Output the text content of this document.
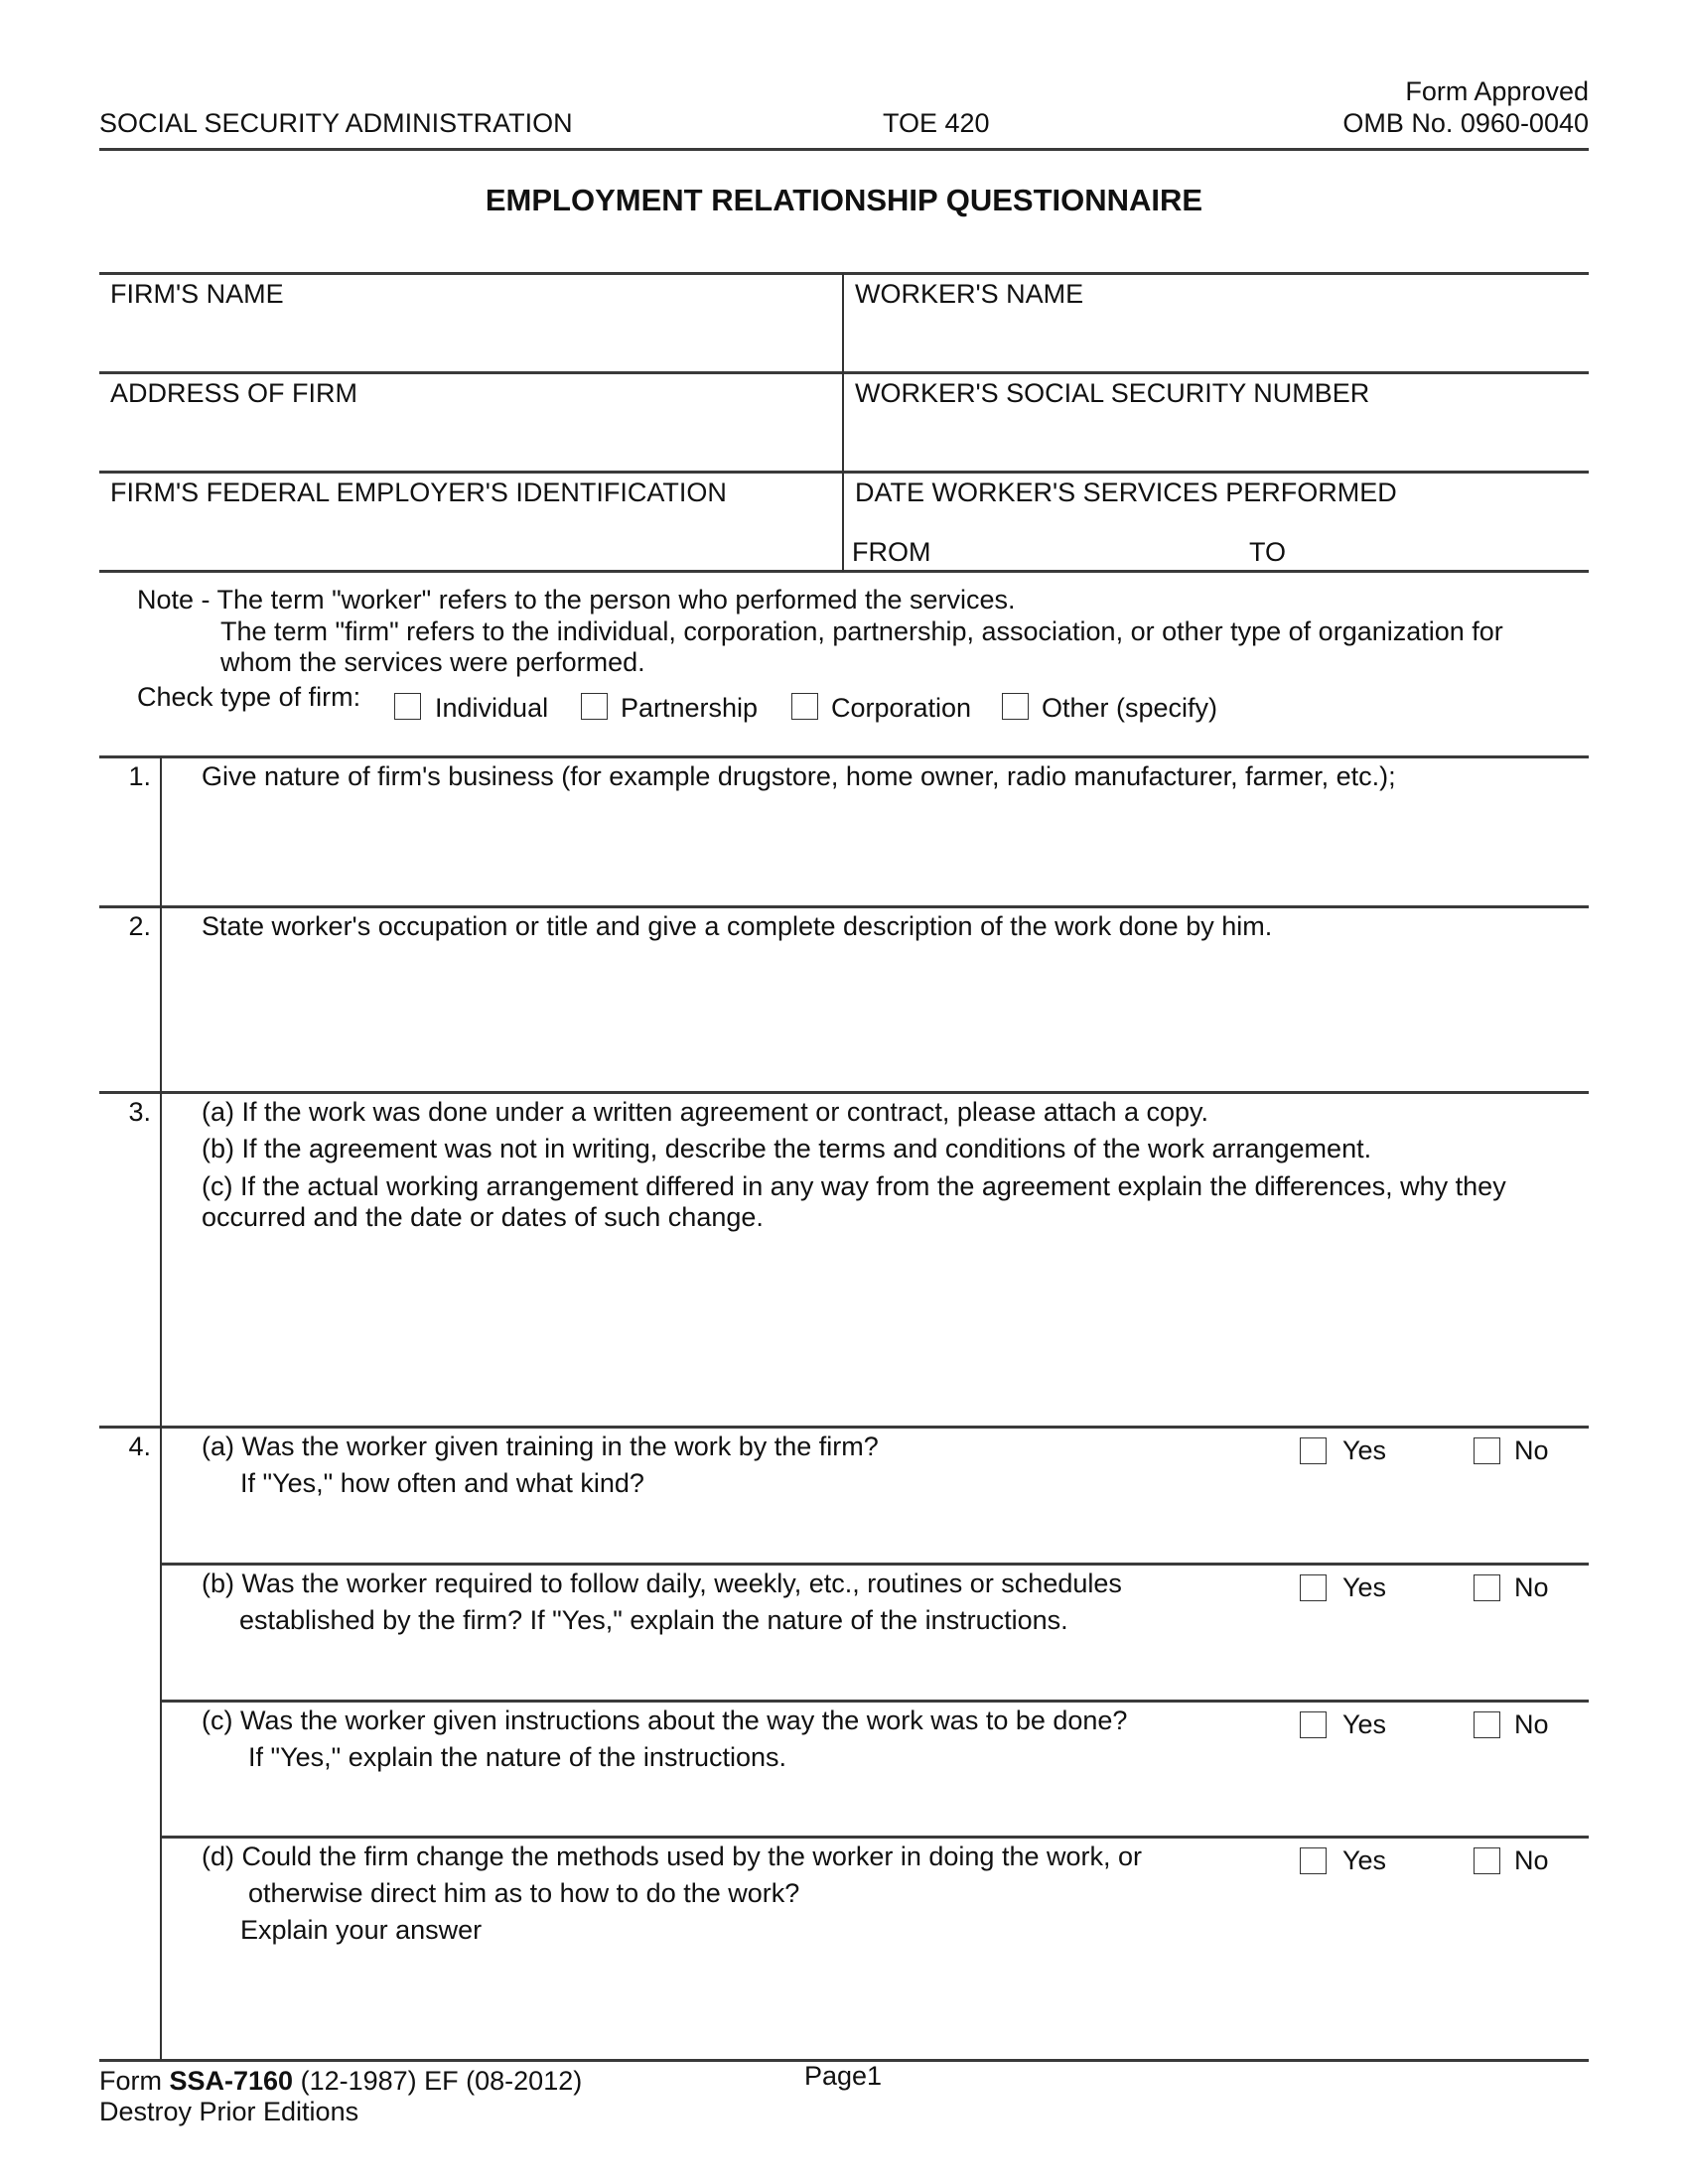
SOCIAL SECURITY ADMINISTRATION	TOE 420
Form Approved
OMB No. 0960-0040
EMPLOYMENT RELATIONSHIP QUESTIONNAIRE
FIRM'S NAME	WORKER'S NAME
ADDRESS OF FIRM	WORKER'S SOCIAL SECURITY NUMBER
FIRM'S FEDERAL EMPLOYER'S IDENTIFICATION	DATE WORKER'S SERVICES PERFORMED
FROM	TO
Note - The term "worker" refers to the person who performed the services.
The term "firm" refers to the individual, corporation, partnership, association, or other type of organization for
whom the services were performed.
Check type of firm:	Individual	Partnership	Corporation	Other (specify)
1. Give nature of firm's business (for example drugstore, home owner, radio manufacturer, farmer, etc.);
2. State worker's occupation or title and give a complete description of the work done by him.
3. (a) If the work was done under a written agreement or contract, please attach a copy.
(b) If the agreement was not in writing, describe the terms and conditions of the work arrangement.
(c) If the actual working arrangement differed in any way from the agreement explain the differences, why they
occurred and the date or dates of such change.
4. (a) Was the worker given training in the work by the firm?
If "Yes," how often and what kind?
Yes	No
(b) Was the worker required to follow daily, weekly, etc., routines or schedules
established by the firm? If "Yes," explain the nature of the instructions.
Yes	No
(c) Was the worker given instructions about the way the work was to be done?
If "Yes," explain the nature of the instructions.
Yes	No
(d) Could the firm change the methods used by the worker in doing the work, or
otherwise direct him as to how to do the work?
Explain your answer
Yes	No
Form SSA-7160 (12-1987) EF (08-2012)
Destroy Prior Editions
Page1
